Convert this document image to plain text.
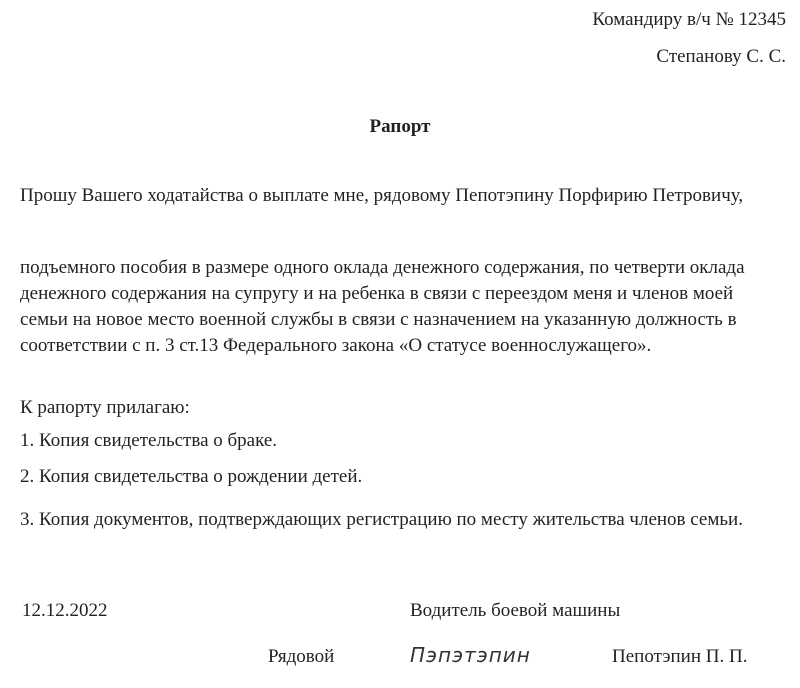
Командиру в/ч № 12345
Степанову С. С.
Рапорт
Прошу Вашего ходатайства о выплате мне, рядовому Пепотэпину Порфирию Петровичу,
подъемного пособия в размере одного оклада денежного содержания, по четверти оклада денежного содержания на супругу и на ребенка в связи с переездом меня и членов моей семьи на новое место военной службы в связи с назначением на указанную должность в соответствии с п. 3 ст.13 Федерального закона «О статусе военнослужащего».
К рапорту прилагаю:
1. Копия свидетельства о браке.
2. Копия свидетельства о рождении детей.
3. Копия документов, подтверждающих регистрацию по месту жительства членов семьи.
12.12.2022	Водитель боевой машины
Рядовой	Пэпэтэпин	Пепотэпин П. П.
